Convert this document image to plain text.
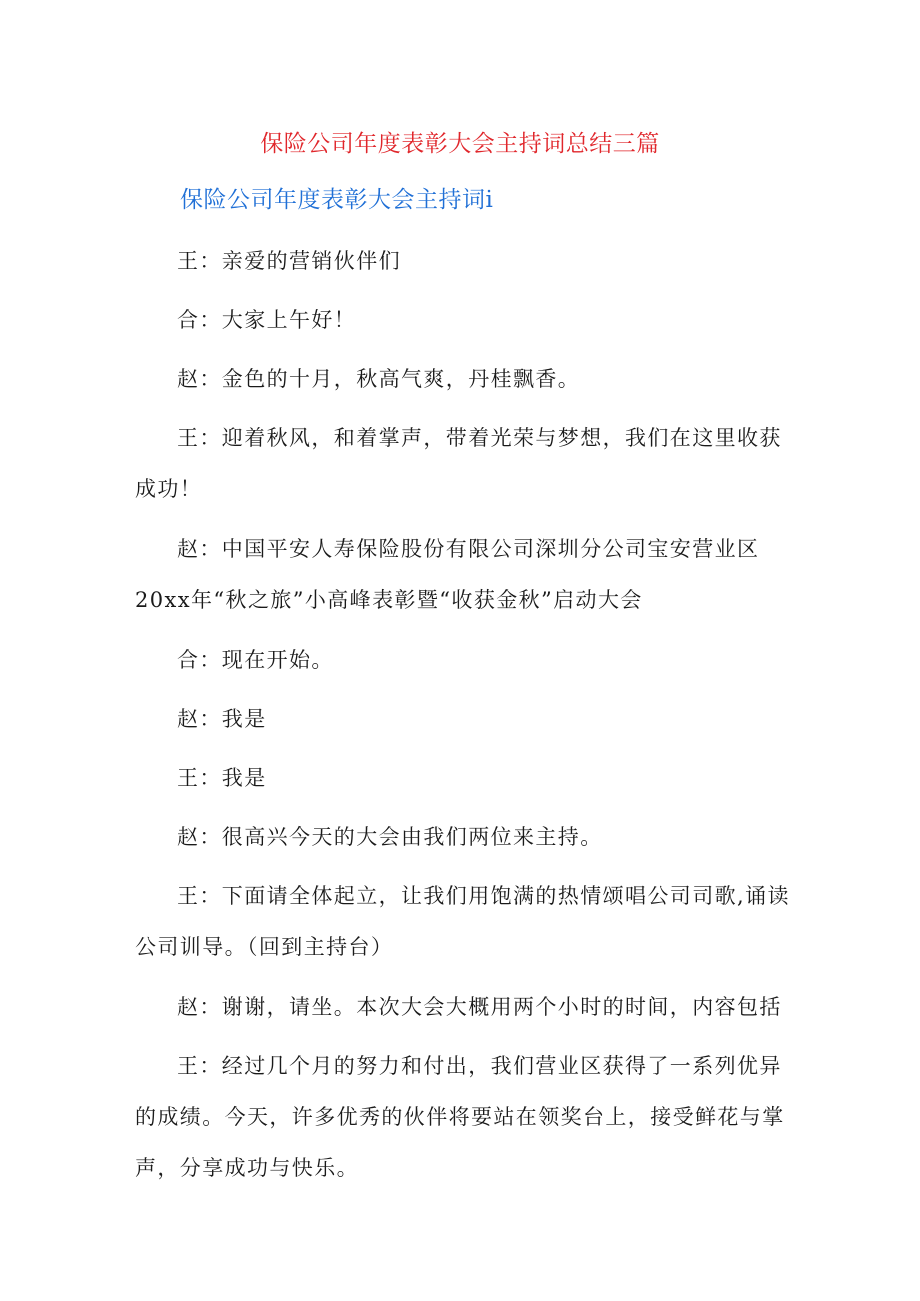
保险公司年度表彰大会主持词总结三篇
保险公司年度表彰大会主持词i

王：亲爱的营销伙伴们

合：大家上午好！

赵：金色的十月，秋高气爽，丹桂飘香。

王：迎着秋风，和着掌声，带着光荣与梦想，我们在这里收获成功！

赵：中国平安人寿保险股份有限公司深圳分公司宝安营业区20xx年“秋之旅”小高峰表彰暨“收获金秋”启动大会

合：现在开始。

赵：我是

王：我是

赵：很高兴今天的大会由我们两位来主持。

王：下面请全体起立，让我们用饱满的热情颂唱公司司歌,诵读公司训导。（回到主持台）

赵：谢谢，请坐。本次大会大概用两个小时的时间，内容包括

王：经过几个月的努力和付出，我们营业区获得了一系列优异的成绩。今天，许多优秀的伙伴将要站在领奖台上，接受鲜花与掌声，分享成功与快乐。
